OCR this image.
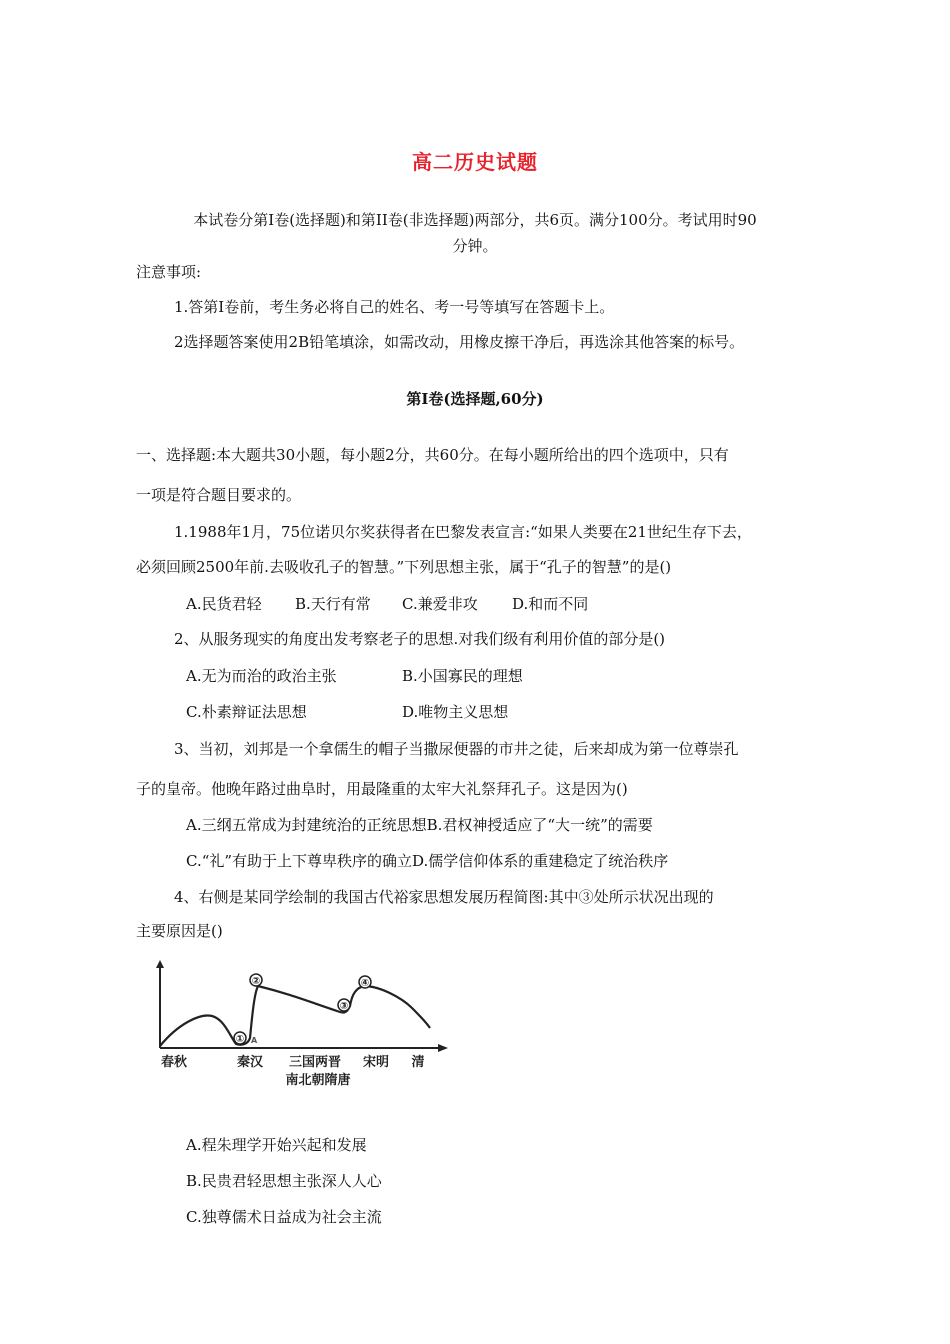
高二历史试题
本试卷分第Ⅰ卷(选择题)和第II卷(非选择题)两部分，共6页。满分100分。考试用时90
分钟。
注意事项:
1.答第Ⅰ卷前，考生务必将自己的姓名、考一号等填写在答题卡上。
2选择题答案使用2B铅笔填涂，如需改动，用橡皮擦干净后，再选涂其他答案的标号。
第Ⅰ卷(选择题,60分)
一、选择题:本大题共30小题，每小题2分，共60分。在每小题所给出的四个选项中，只有
一项是符合题目要求的。
1.1988年1月，75位诺贝尔奖获得者在巴黎发表宣言:“如果人类要在21世纪生存下去，
必须回顾2500年前.去吸收孔子的智慧。”下列思想主张，属于“孔子的智慧”的是()
A.民货君轻 B.天行有常 C.兼爱非攻 D.和而不同
2、从服务现实的角度出发考察老子的思想.对我们级有利用价值的部分是()
A.无为而治的政治主张	B.小国寡民的理想
C.朴素辩证法思想	D.唯物主义思想
3、当初，刘邦是一个拿儒生的帽子当撒尿便器的市井之徒，后来却成为第一位尊崇孔
子的皇帝。他晚年路过曲阜时，用最隆重的太牢大礼祭拜孔子。这是因为()
A.三纲五常成为封建统治的正统思想B.君权神授适应了“大一统”的需要
C.“礼”有助于上下尊卑秩序的确立D.儒学信仰体系的重建稳定了统治秩序
4、右侧是某同学绘制的我国古代裕家思想发展历程简图:其中③处所示状况出现的
主要原因是()
① A
②
③
④
春秋	秦汉 三国两晋 宋明 清
南北朝隋唐
A.程朱理学开始兴起和发展
B.民贵君轻思想主张深人人心
C.独尊儒术日益成为社会主流
